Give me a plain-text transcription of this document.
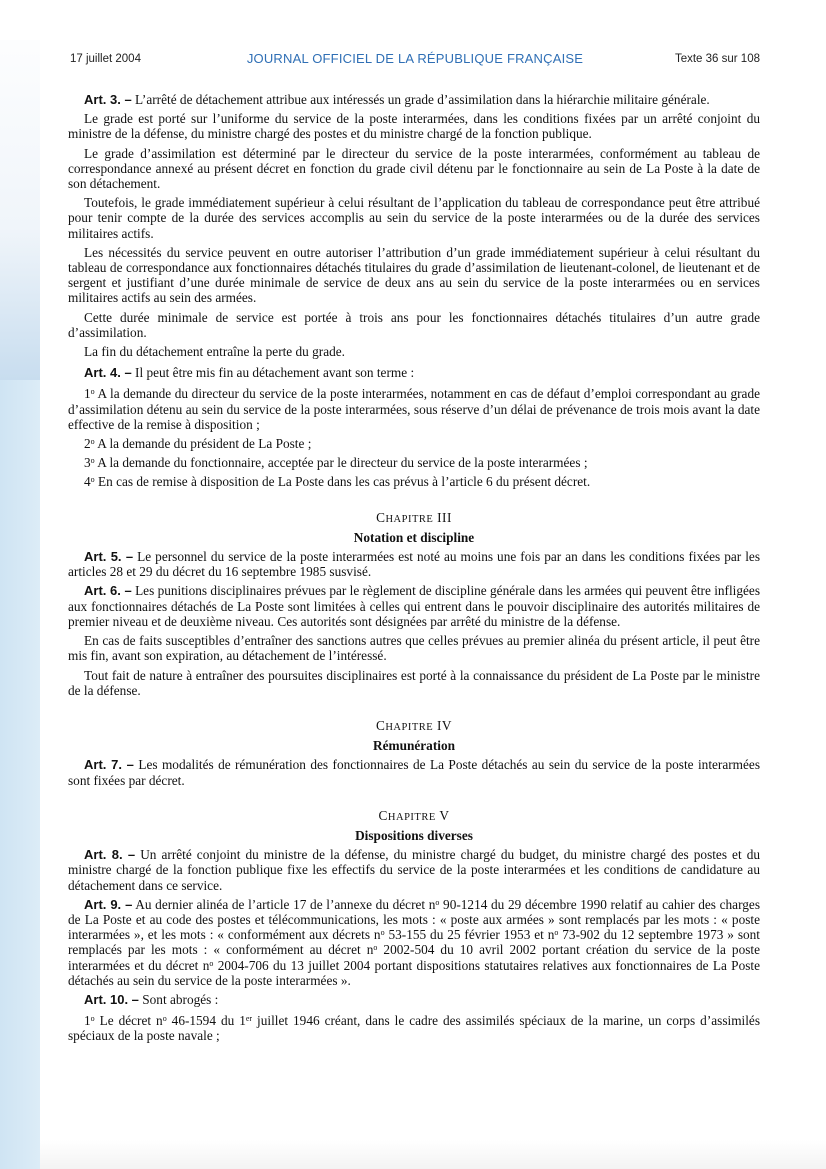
17 juillet 2004	JOURNAL OFFICIEL DE LA RÉPUBLIQUE FRANÇAISE	Texte 36 sur 108

Art. 3. – L’arrêté de détachement attribue aux intéressés un grade d’assimilation dans la hiérarchie militaire générale.

Le grade est porté sur l’uniforme du service de la poste interarmées, dans les conditions fixées par un arrêté conjoint du ministre de la défense, du ministre chargé des postes et du ministre chargé de la fonction publique.

Le grade d’assimilation est déterminé par le directeur du service de la poste interarmées, conformément au tableau de correspondance annexé au présent décret en fonction du grade civil détenu par le fonctionnaire au sein de La Poste à la date de son détachement.

Toutefois, le grade immédiatement supérieur à celui résultant de l’application du tableau de correspondance peut être attribué pour tenir compte de la durée des services accomplis au sein du service de la poste interarmées ou de la durée des services militaires actifs.

Les nécessités du service peuvent en outre autoriser l’attribution d’un grade immédiatement supérieur à celui résultant du tableau de correspondance aux fonctionnaires détachés titulaires du grade d’assimilation de lieutenant-colonel, de lieutenant et de sergent et justifiant d’une durée minimale de service de deux ans au sein du service de la poste interarmées ou en services militaires actifs au sein des armées.

Cette durée minimale de service est portée à trois ans pour les fonctionnaires détachés titulaires d’un autre grade d’assimilation.

La fin du détachement entraîne la perte du grade.

Art. 4. – Il peut être mis fin au détachement avant son terme :

1$^o$ A la demande du directeur du service de la poste interarmées, notamment en cas de défaut d’emploi correspondant au grade d’assimilation détenu au sein du service de la poste interarmées, sous réserve d’un délai de prévenance de trois mois avant la date effective de la remise à disposition ;

2$^o$ A la demande du président de La Poste ;

3$^o$ A la demande du fonctionnaire, acceptée par le directeur du service de la poste interarmées ;

4$^o$ En cas de remise à disposition de La Poste dans les cas prévus à l’article 6 du présent décret.

CHAPITRE III
Notation et discipline

Art. 5. – Le personnel du service de la poste interarmées est noté au moins une fois par an dans les conditions fixées par les articles 28 et 29 du décret du 16 septembre 1985 susvisé.

Art. 6. – Les punitions disciplinaires prévues par le règlement de discipline générale dans les armées qui peuvent être infligées aux fonctionnaires détachés de La Poste sont limitées à celles qui entrent dans le pouvoir disciplinaire des autorités militaires de premier niveau et de deuxième niveau. Ces autorités sont désignées par arrêté du ministre de la défense.

En cas de faits susceptibles d’entraîner des sanctions autres que celles prévues au premier alinéa du présent article, il peut être mis fin, avant son expiration, au détachement de l’intéressé.

Tout fait de nature à entraîner des poursuites disciplinaires est porté à la connaissance du président de La Poste par le ministre de la défense.

CHAPITRE IV
Rémunération

Art. 7. – Les modalités de rémunération des fonctionnaires de La Poste détachés au sein du service de la poste interarmées sont fixées par décret.

CHAPITRE V
Dispositions diverses

Art. 8. – Un arrêté conjoint du ministre de la défense, du ministre chargé du budget, du ministre chargé des postes et du ministre chargé de la fonction publique fixe les effectifs du service de la poste interarmées et les conditions de candidature au détachement dans ce service.

Art. 9. – Au dernier alinéa de l’article 17 de l’annexe du décret $n^o$ 90-1214 du 29 décembre 1990 relatif au cahier des charges de La Poste et au code des postes et télécommunications, les mots : « poste aux armées » sont remplacés par les mots : « poste interarmées », et les mots : « conformément aux décrets $n^o$ 53-155 du 25 février 1953 et $n^o$ 73-902 du 12 septembre 1973 » sont remplacés par les mots : « conformément au décret $n^o$ 2002-504 du 10 avril 2002 portant création du service de la poste interarmées et du décret $n^o$ 2004-706 du 13 juillet 2004 portant dispositions statutaires relatives aux fonctionnaires de La Poste détachés au sein du service de la poste interarmées ».

Art. 10. – Sont abrogés :

1$^o$ Le décret $n^o$ 46-1594 du 1er juillet 1946 créant, dans le cadre des assimilés spéciaux de la marine, un corps d’assimilés spéciaux de la poste navale ;
